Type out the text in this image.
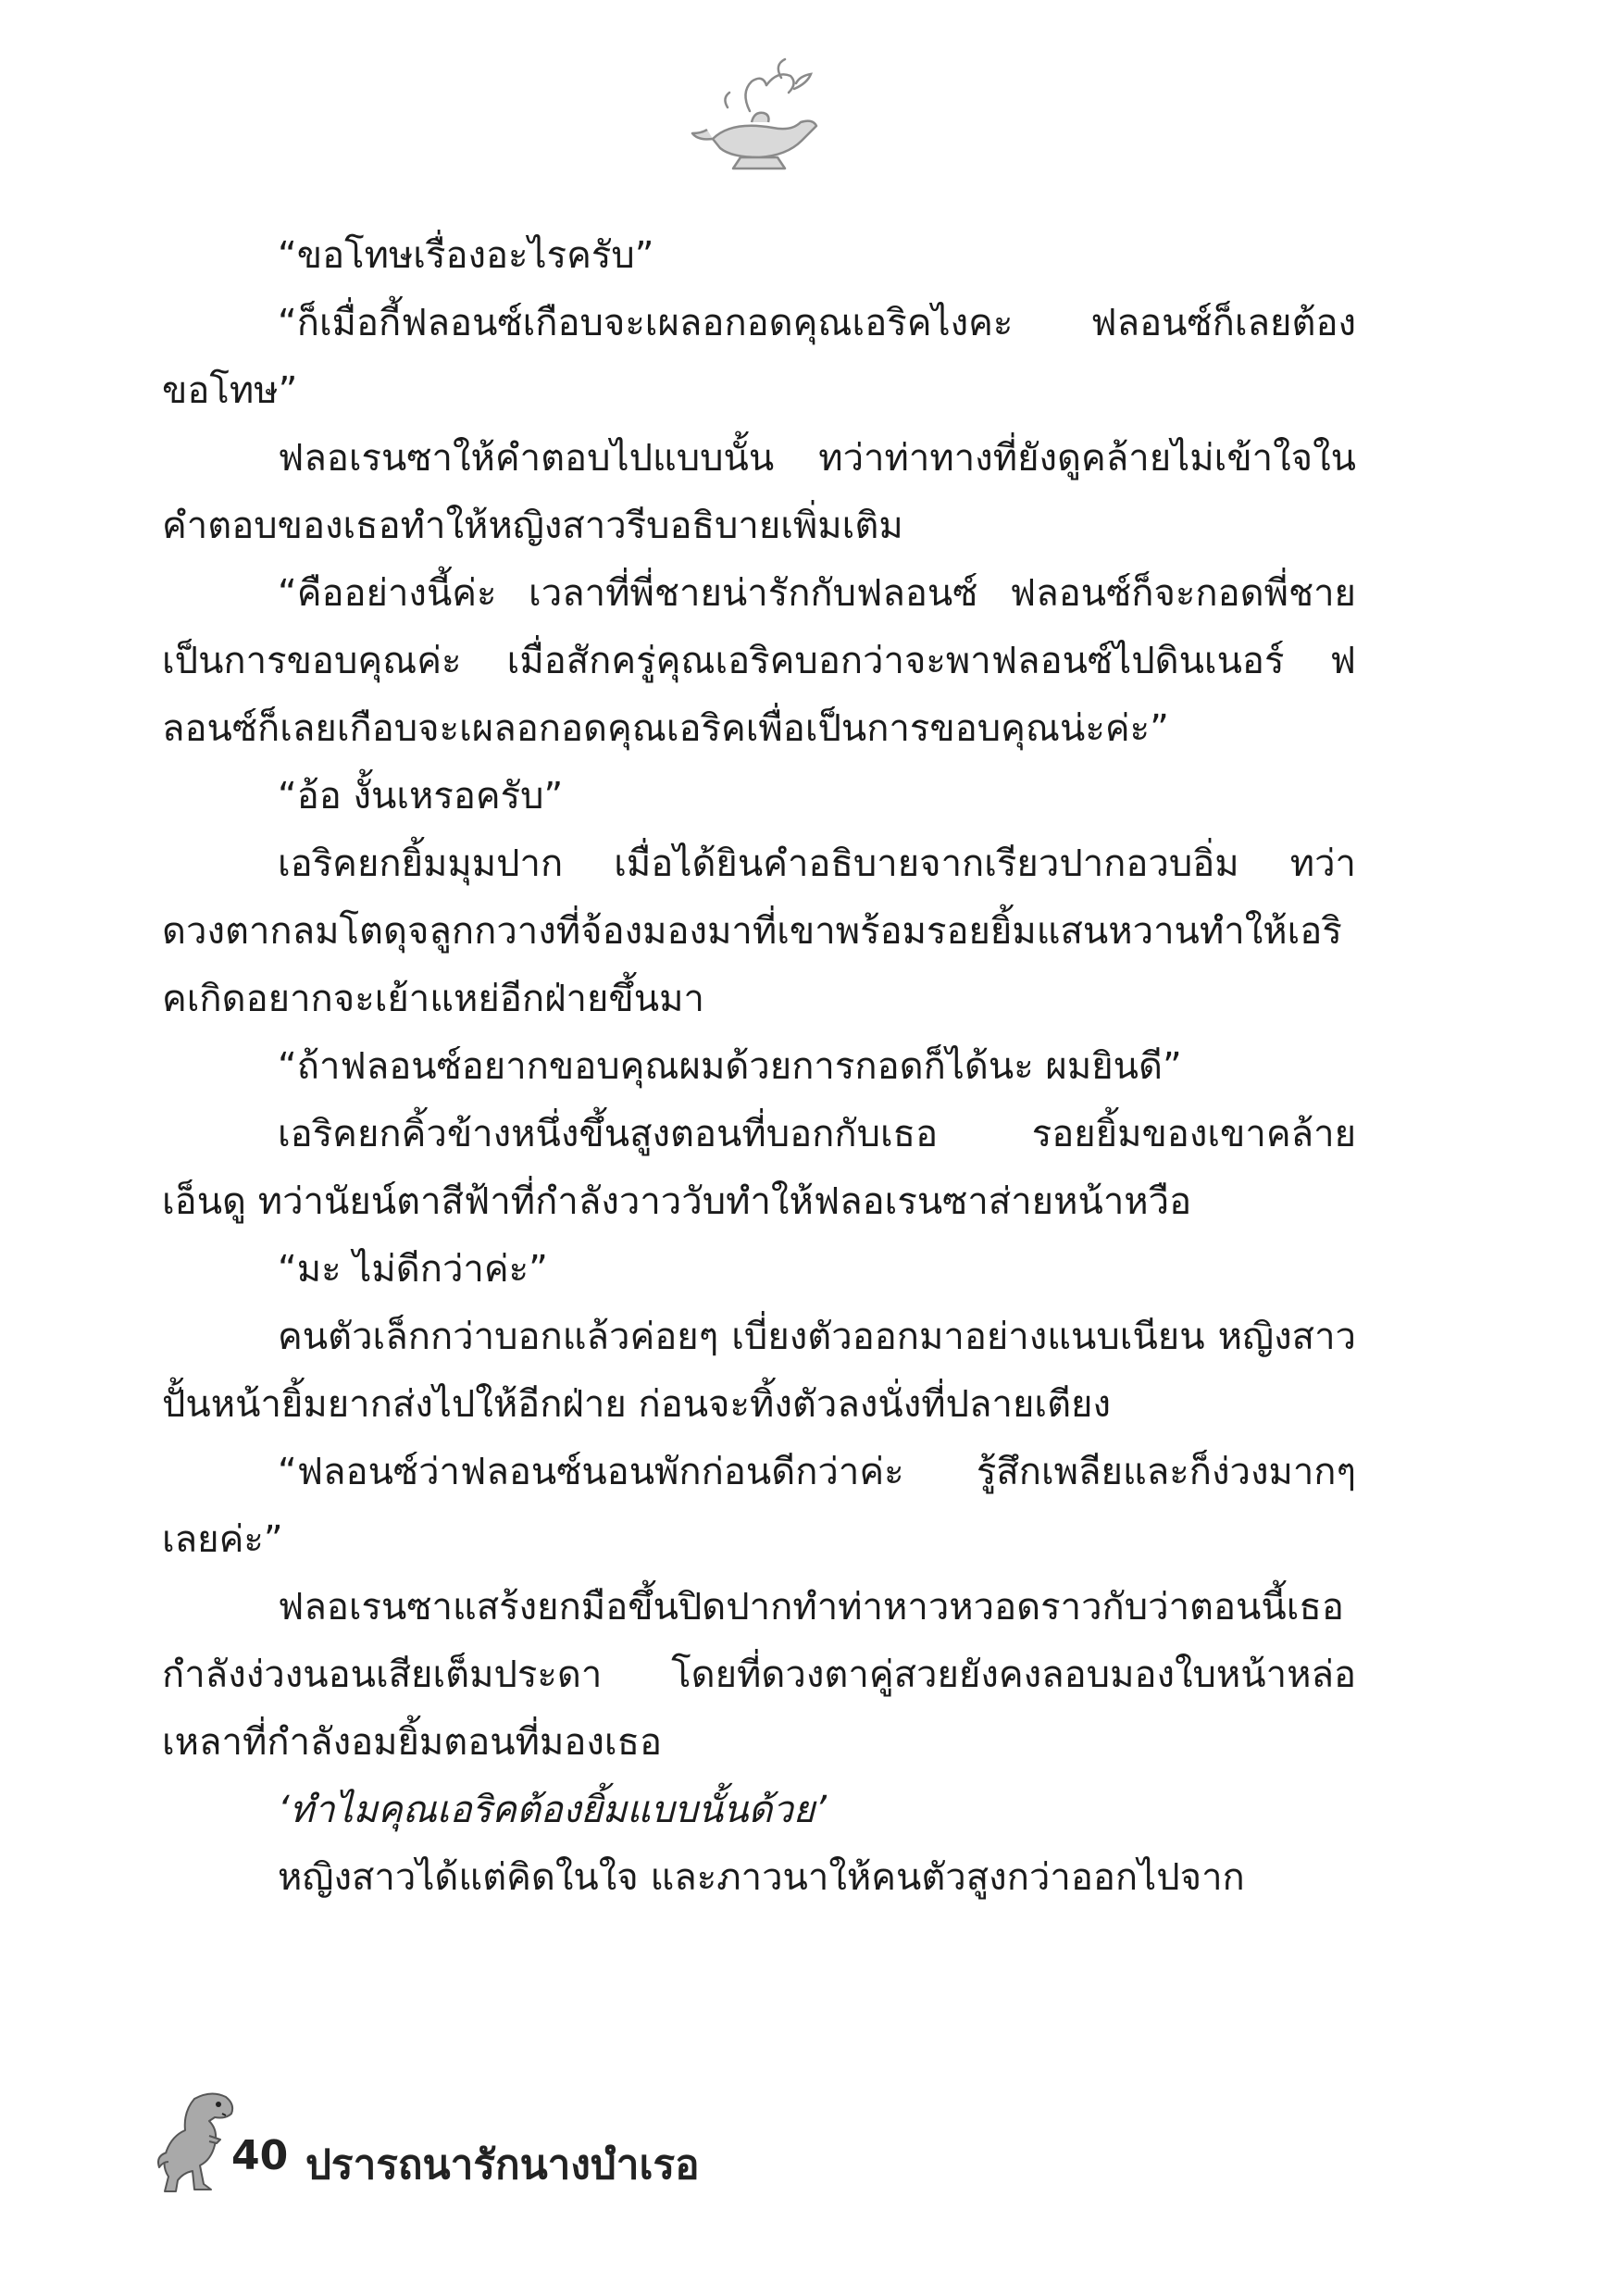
“ขอโทษเรื่องอะไรครับ”

“ก็เมื่อกี้ฟลอนซ์เกือบจะเผลอกอดคุณเอริคไงคะ ฟลอนซ์ก็เลยต้องขอโทษ”

ฟลอเรนซาให้คำตอบไปแบบนั้น ทว่าท่าทางที่ยังดูคล้ายไม่เข้าใจในคำตอบของเธอทำให้หญิงสาวรีบอธิบายเพิ่มเติม

“คืออย่างนี้ค่ะ เวลาที่พี่ชายน่ารักกับฟลอนซ์ ฟลอนซ์ก็จะกอดพี่ชายเป็นการขอบคุณค่ะ เมื่อสักครู่คุณเอริคบอกว่าจะพาฟลอนซ์ไปดินเนอร์ ฟลอนซ์ก็เลยเกือบจะเผลอกอดคุณเอริคเพื่อเป็นการขอบคุณน่ะค่ะ”

“อ้อ งั้นเหรอครับ”

เอริคยกยิ้มมุมปาก เมื่อได้ยินคำอธิบายจากเรียวปากอวบอิ่ม ทว่าดวงตากลมโตดุจลูกกวางที่จ้องมองมาที่เขาพร้อมรอยยิ้มแสนหวานทำให้เอริคเกิดอยากจะเย้าแหย่อีกฝ่ายขึ้นมา

“ถ้าฟลอนซ์อยากขอบคุณผมด้วยการกอดก็ได้นะ ผมยินดี”

เอริคยกคิ้วข้างหนึ่งขึ้นสูงตอนที่บอกกับเธอ รอยยิ้มของเขาคล้ายเอ็นดู ทว่านัยน์ตาสีฟ้าที่กำลังวาววับทำให้ฟลอเรนซาส่ายหน้าหวือ

“มะ ไม่ดีกว่าค่ะ”

คนตัวเล็กกว่าบอกแล้วค่อยๆ เบี่ยงตัวออกมาอย่างแนบเนียน หญิงสาวปั้นหน้ายิ้มยากส่งไปให้อีกฝ่าย ก่อนจะทิ้งตัวลงนั่งที่ปลายเตียง

“ฟลอนซ์ว่าฟลอนซ์นอนพักก่อนดีกว่าค่ะ รู้สึกเพลียและก็ง่วงมากๆ เลยค่ะ”

ฟลอเรนซาแสร้งยกมือขึ้นปิดปากทำท่าหาวหวอดราวกับว่าตอนนี้เธอกำลังง่วงนอนเสียเต็มประดา โดยที่ดวงตาคู่สวยยังคงลอบมองใบหน้าหล่อเหลาที่กำลังอมยิ้มตอนที่มองเธอ

‘ทำไมคุณเอริคต้องยิ้มแบบนั้นด้วย’

หญิงสาวได้แต่คิดในใจ และภาวนาให้คนตัวสูงกว่าออกไปจาก

40 ปรารถนารักนางบำเรอ
